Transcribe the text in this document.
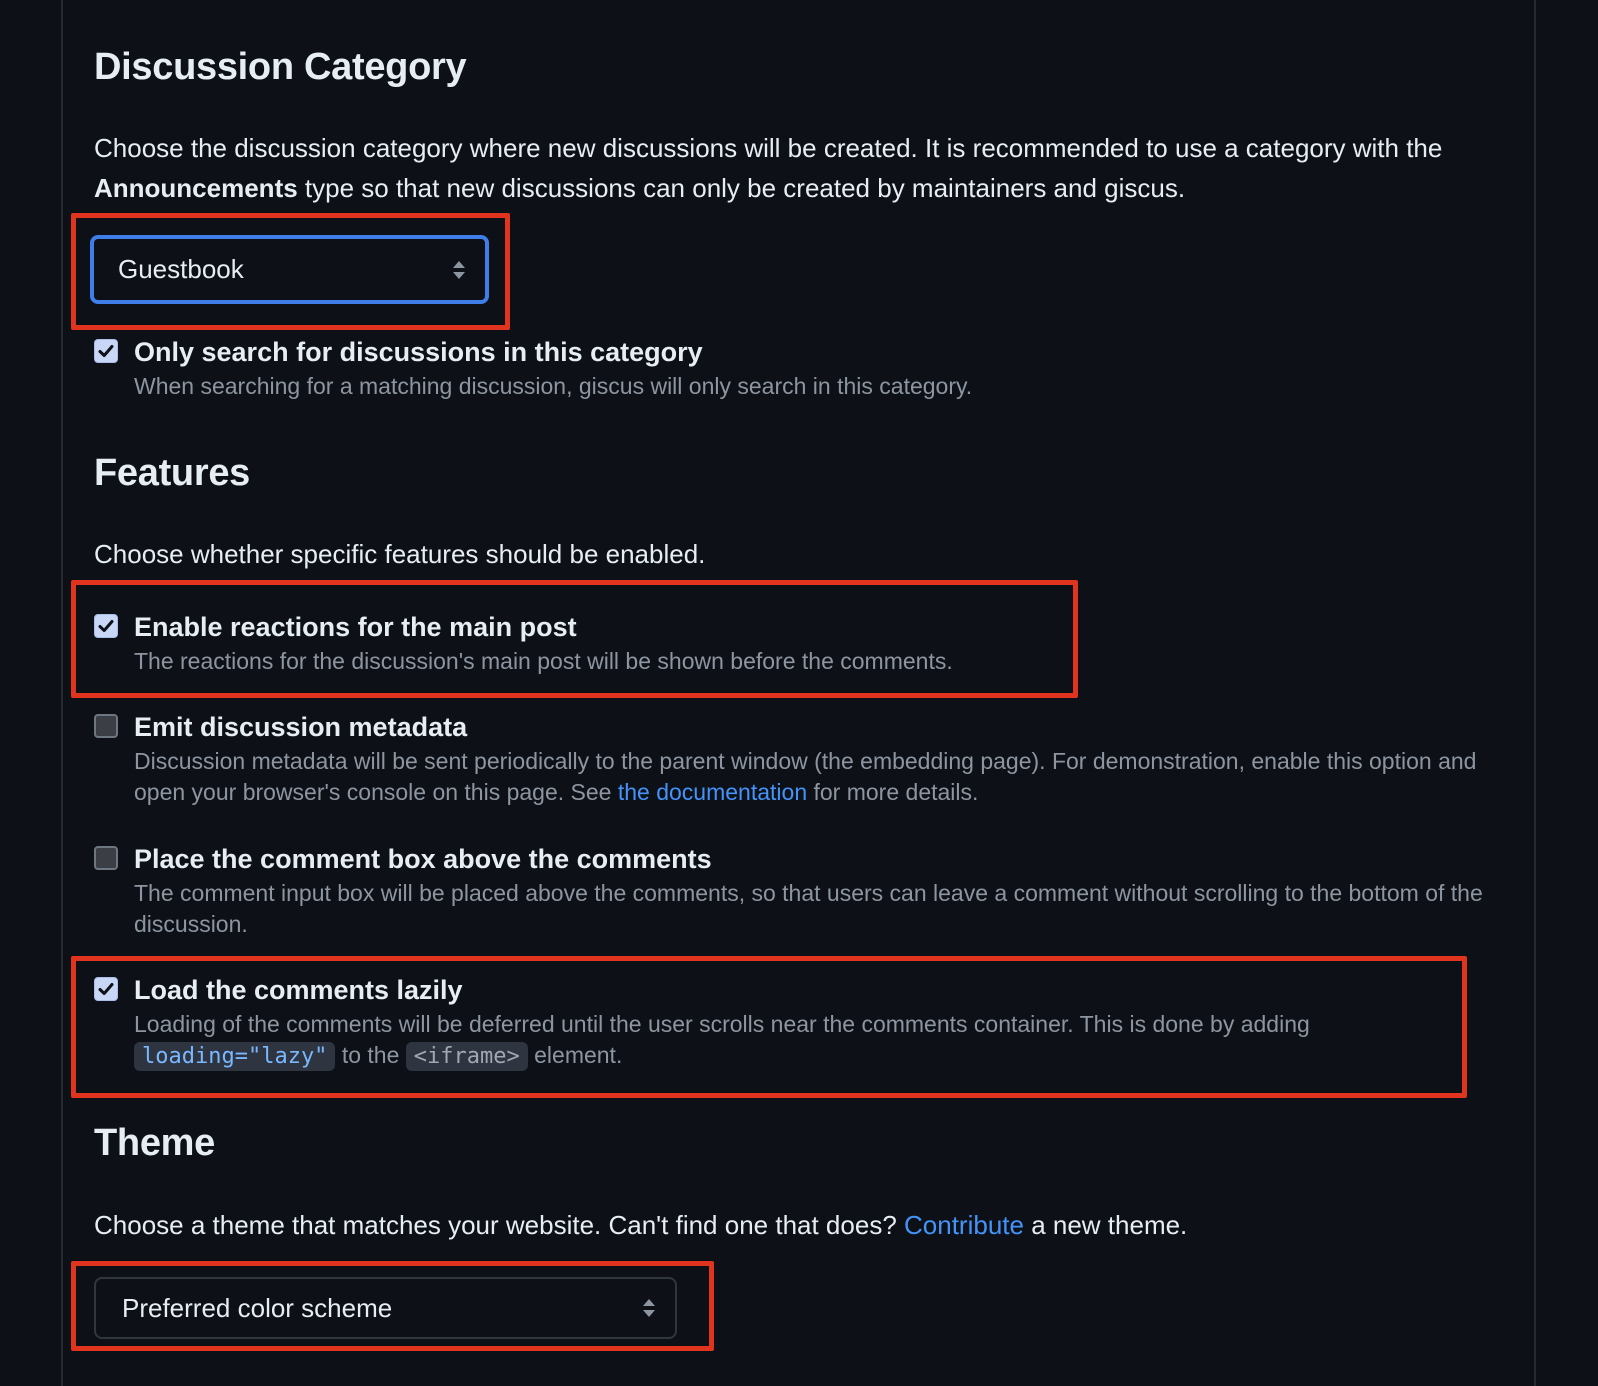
Discussion Category

Choose the discussion category where new discussions will be created. It is recommended to use a category with the Announcements type so that new discussions can only be created by maintainers and giscus.

Guestbook
Only search for discussions in this category
When searching for a matching discussion, giscus will only search in this category.
Features

Choose whether specific features should be enabled.

Enable reactions for the main post
The reactions for the discussion's main post will be shown before the comments.
Emit discussion metadata
Discussion metadata will be sent periodically to the parent window (the embedding page). For demonstration, enable this option and open your browser's console on this page. See the documentation for more details.
Place the comment box above the comments
The comment input box will be placed above the comments, so that users can leave a comment without scrolling to the bottom of the discussion.
Load the comments lazily
Loading of the comments will be deferred until the user scrolls near the comments container. This is done by adding loading="lazy" to the <iframe> element.
Theme

Choose a theme that matches your website. Can't find one that does? Contribute a new theme.

Preferred color scheme
